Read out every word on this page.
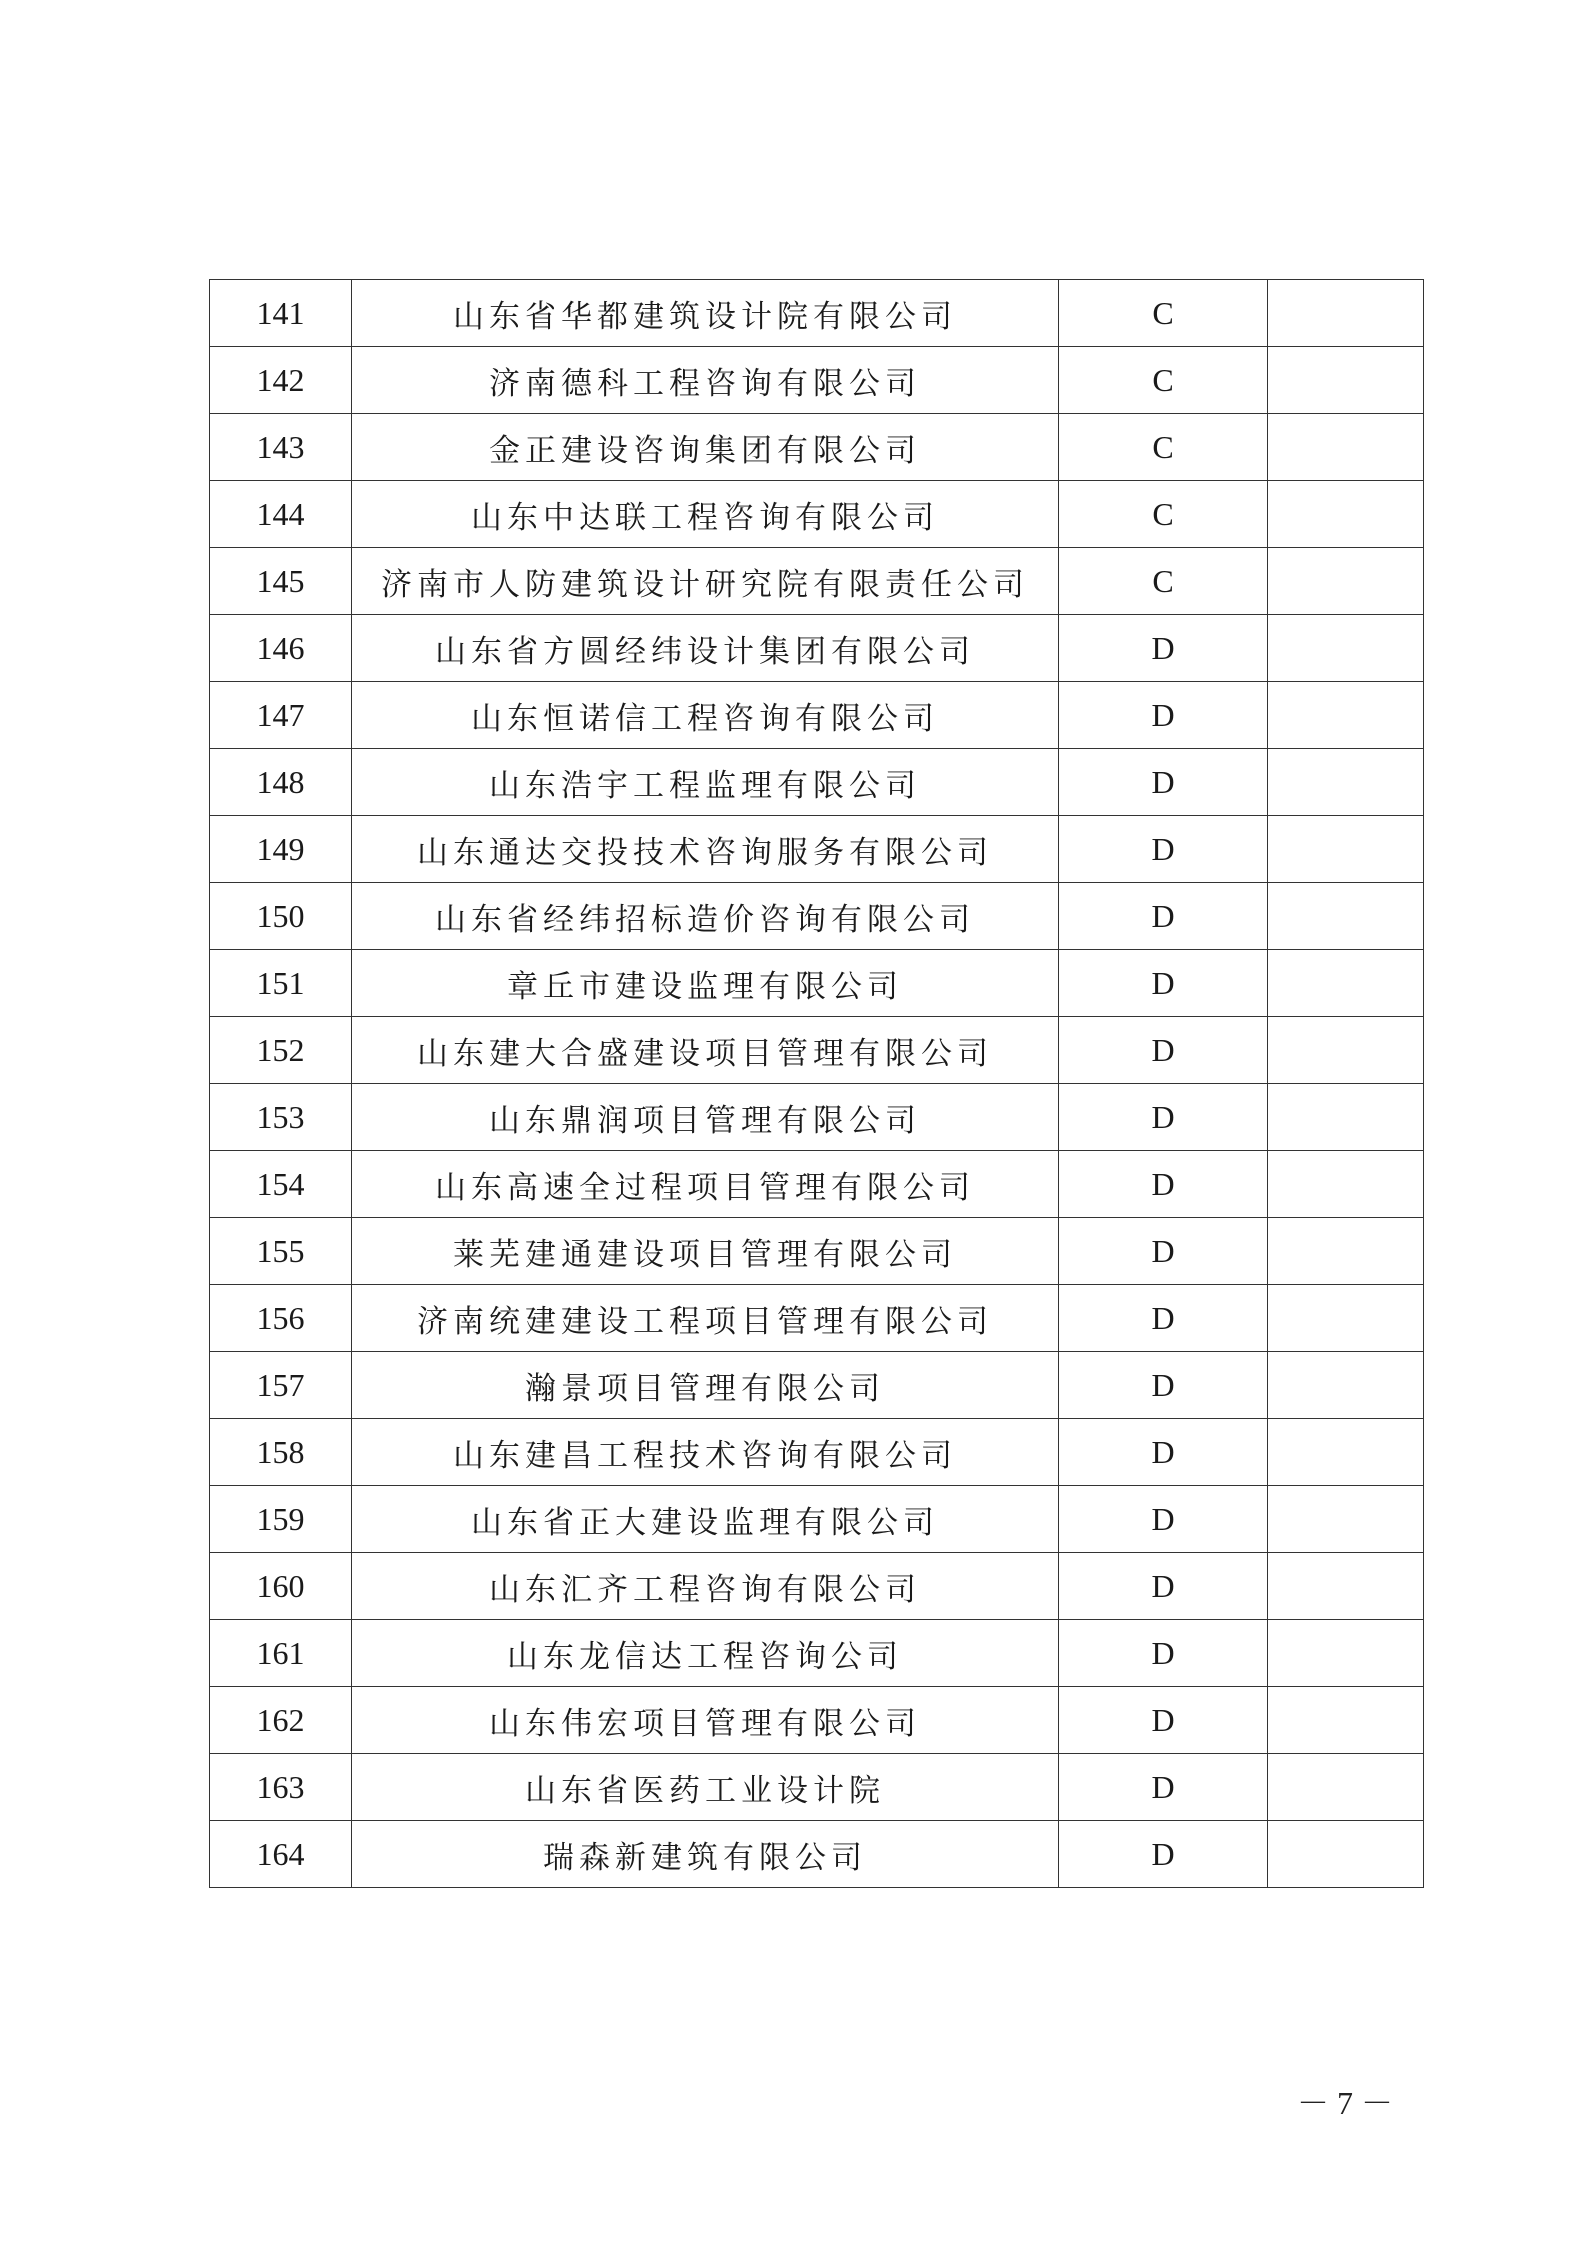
141	山东省华都建筑设计院有限公司	C	
142	济南德科工程咨询有限公司	C	
143	金正建设咨询集团有限公司	C	
144	山东中达联工程咨询有限公司	C	
145	济南市人防建筑设计研究院有限责任公司	C	
146	山东省方圆经纬设计集团有限公司	D	
147	山东恒诺信工程咨询有限公司	D	
148	山东浩宇工程监理有限公司	D	
149	山东通达交投技术咨询服务有限公司	D	
150	山东省经纬招标造价咨询有限公司	D	
151	章丘市建设监理有限公司	D	
152	山东建大合盛建设项目管理有限公司	D	
153	山东鼎润项目管理有限公司	D	
154	山东高速全过程项目管理有限公司	D	
155	莱芜建通建设项目管理有限公司	D	
156	济南统建建设工程项目管理有限公司	D	
157	瀚景项目管理有限公司	D	
158	山东建昌工程技术咨询有限公司	D	
159	山东省正大建设监理有限公司	D	
160	山东汇齐工程咨询有限公司	D	
161	山东龙信达工程咨询公司	D	
162	山东伟宏项目管理有限公司	D	
163	山东省医药工业设计院	D	
164	瑞森新建筑有限公司	D	
－ 7 －
